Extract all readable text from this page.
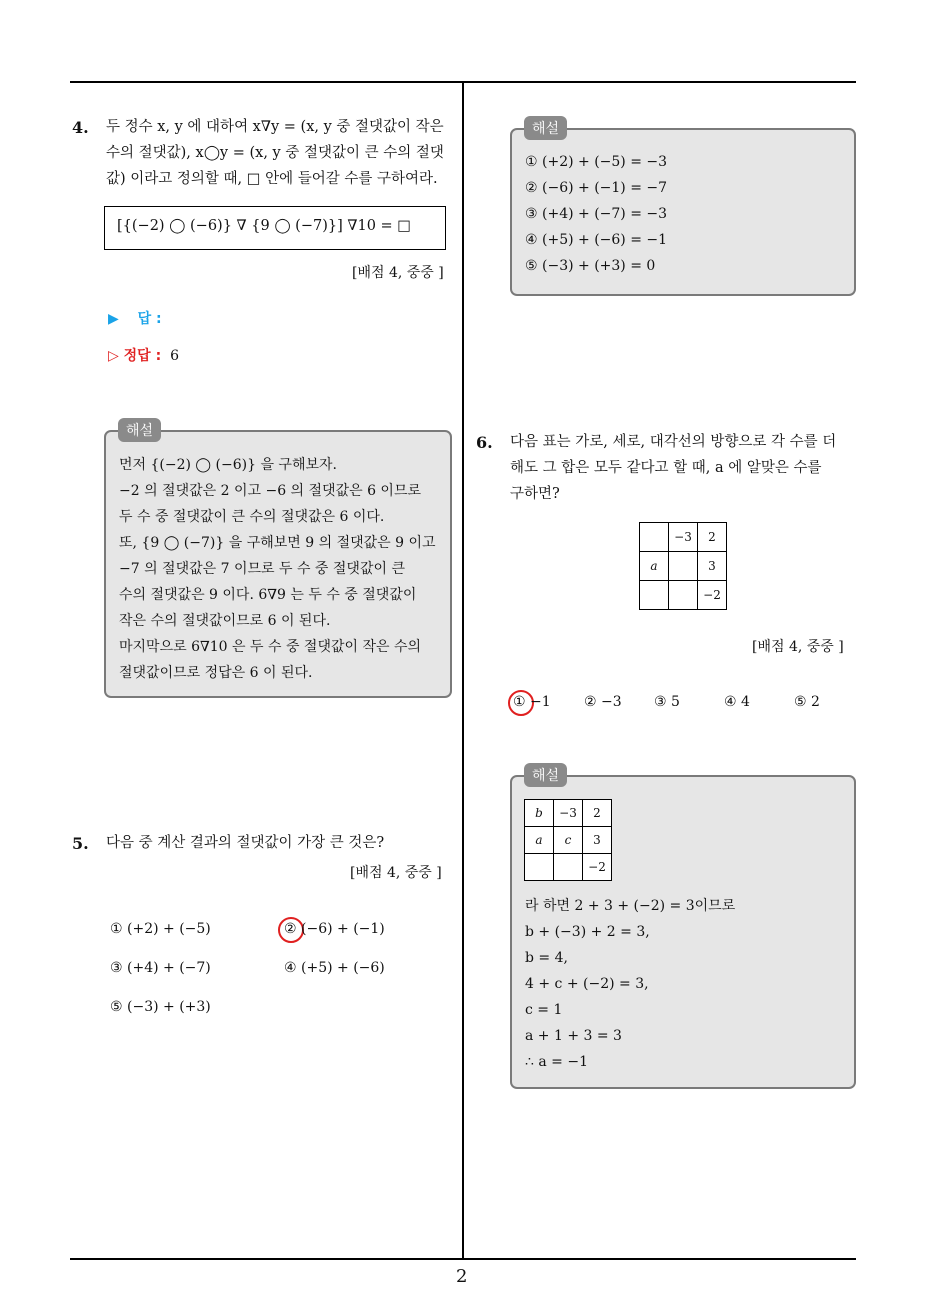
2
4. 두 정수 x, y 에 대하여 x∇y = (x, y 중 절댓값이 작은
수의 절댓값), x◯y = (x, y 중 절댓값이 큰 수의 절댓
값) 이라고 정의할 때, □ 안에 들어갈 수를 구하여라.
[{(−2) ◯ (−6)} ∇ {9 ◯ (−7)}] ∇10 = □
[배점 4, 중중 ]
▶ 답 :
▷ 정답 : 6
먼저 {(−2) ◯ (−6)} 을 구해보자.
−2 의 절댓값은 2 이고 −6 의 절댓값은 6 이므로
두 수 중 절댓값이 큰 수의 절댓값은 6 이다.
또, {9 ◯ (−7)} 을 구해보면 9 의 절댓값은 9 이고
−7 의 절댓값은 7 이므로 두 수 중 절댓값이 큰
수의 절댓값은 9 이다. 6∇9 는 두 수 중 절댓값이
작은 수의 절댓값이므로 6 이 된다.
마지막으로 6∇10 은 두 수 중 절댓값이 작은 수의
절댓값이므로 정답은 6 이 된다.
해설
5. 다음 중 계산 결과의 절댓값이 가장 큰 것은?
[배점 4, 중중 ]
① (+2) + (−5)	② (−6) + (−1)
③ (+4) + (−7)	④ (+5) + (−6)
⑤ (−3) + (+3)
① (+2) + (−5) = −3
② (−6) + (−1) = −7
③ (+4) + (−7) = −3
④ (+5) + (−6) = −1
⑤ (−3) + (+3) = 0
해설
6. 다음 표는 가로, 세로, 대각선의 방향으로 각 수를 더
해도 그 합은 모두 같다고 할 때, a 에 알맞은 수를
구하면?
	−3	2
a		3
		−2
[배점 4, 중중 ]
① −1 ② −3 ③ 5	④ 4	⑤ 2
b	−3	2
a	c	3
		−2
라 하면 2 + 3 + (−2) = 3이므로
b + (−3) + 2 = 3,
b = 4,
4 + c + (−2) = 3,
c = 1
a + 1 + 3 = 3
∴ a = −1
해설
